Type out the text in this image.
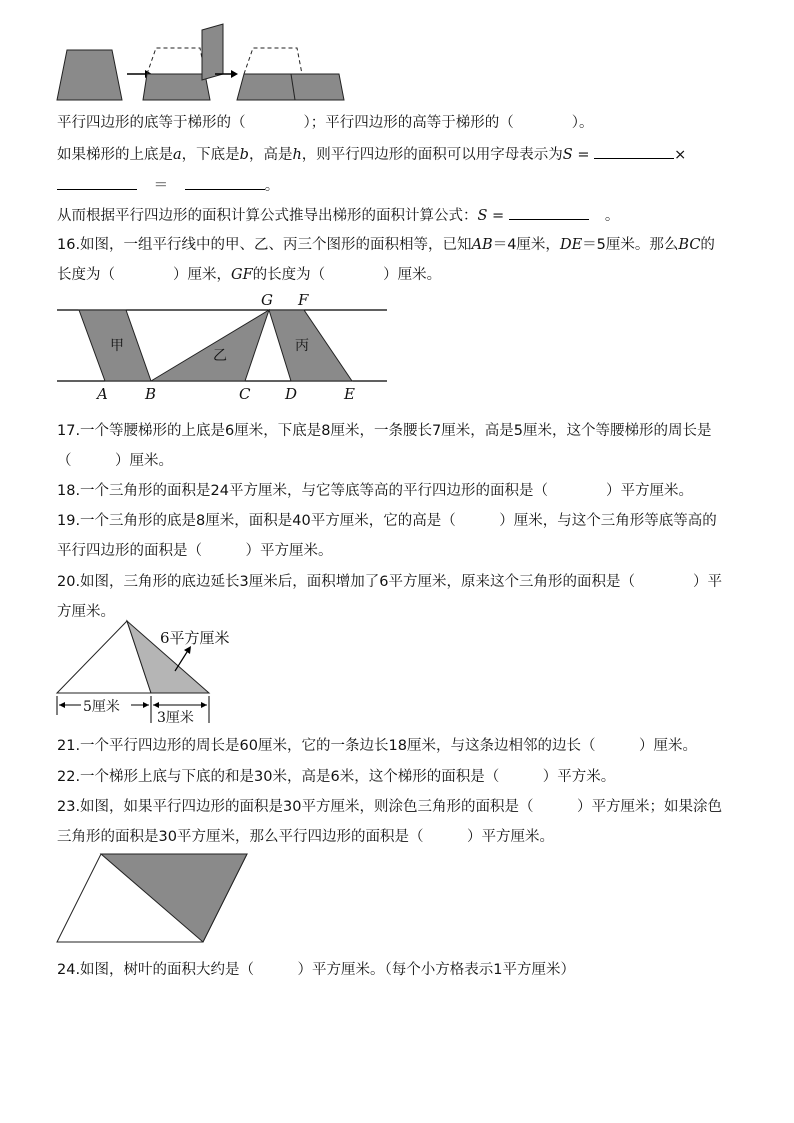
平行四边形的底等于梯形的（　　　　）；平行四边形的高等于梯形的（　　　　）。
如果梯形的上底是a，下底是b，高是h，则平行四边形的面积可以用字母表示为S =	×
＝	。
从而根据平行四边形的面积计算公式推导出梯形的面积计算公式：S =	。
16.如图，一组平行线中的甲、乙、丙三个图形的面积相等，已知AB＝4厘米，DE＝5厘米。那么BC的
长度为（　　　　）厘米，GF的长度为（　　　　）厘米。
甲
乙
丙
G F
A B	C D	E
17.一个等腰梯形的上底是6厘米，下底是8厘米，一条腰长7厘米，高是5厘米，这个等腰梯形的周长是
（　　　）厘米。
18.一个三角形的面积是24平方厘米，与它等底等高的平行四边形的面积是（　　　　）平方厘米。
19.一个三角形的底是8厘米，面积是40平方厘米，它的高是（　　　）厘米，与这个三角形等底等高的
平行四边形的面积是（　　　）平方厘米。
20.如图，三角形的底边延长3厘米后，面积增加了6平方厘米，原来这个三角形的面积是（　　　　）平
方厘米。
6平方厘米
5厘米
3厘米
21.一个平行四边形的周长是60厘米，它的一条边长18厘米，与这条边相邻的边长（　　　）厘米。
22.一个梯形上底与下底的和是30米，高是6米，这个梯形的面积是（　　　）平方米。
23.如图，如果平行四边形的面积是30平方厘米，则涂色三角形的面积是（　　　）平方厘米；如果涂色
三角形的面积是30平方厘米，那么平行四边形的面积是（　　　）平方厘米。
24.如图，树叶的面积大约是（　　　）平方厘米。（每个小方格表示1平方厘米）
